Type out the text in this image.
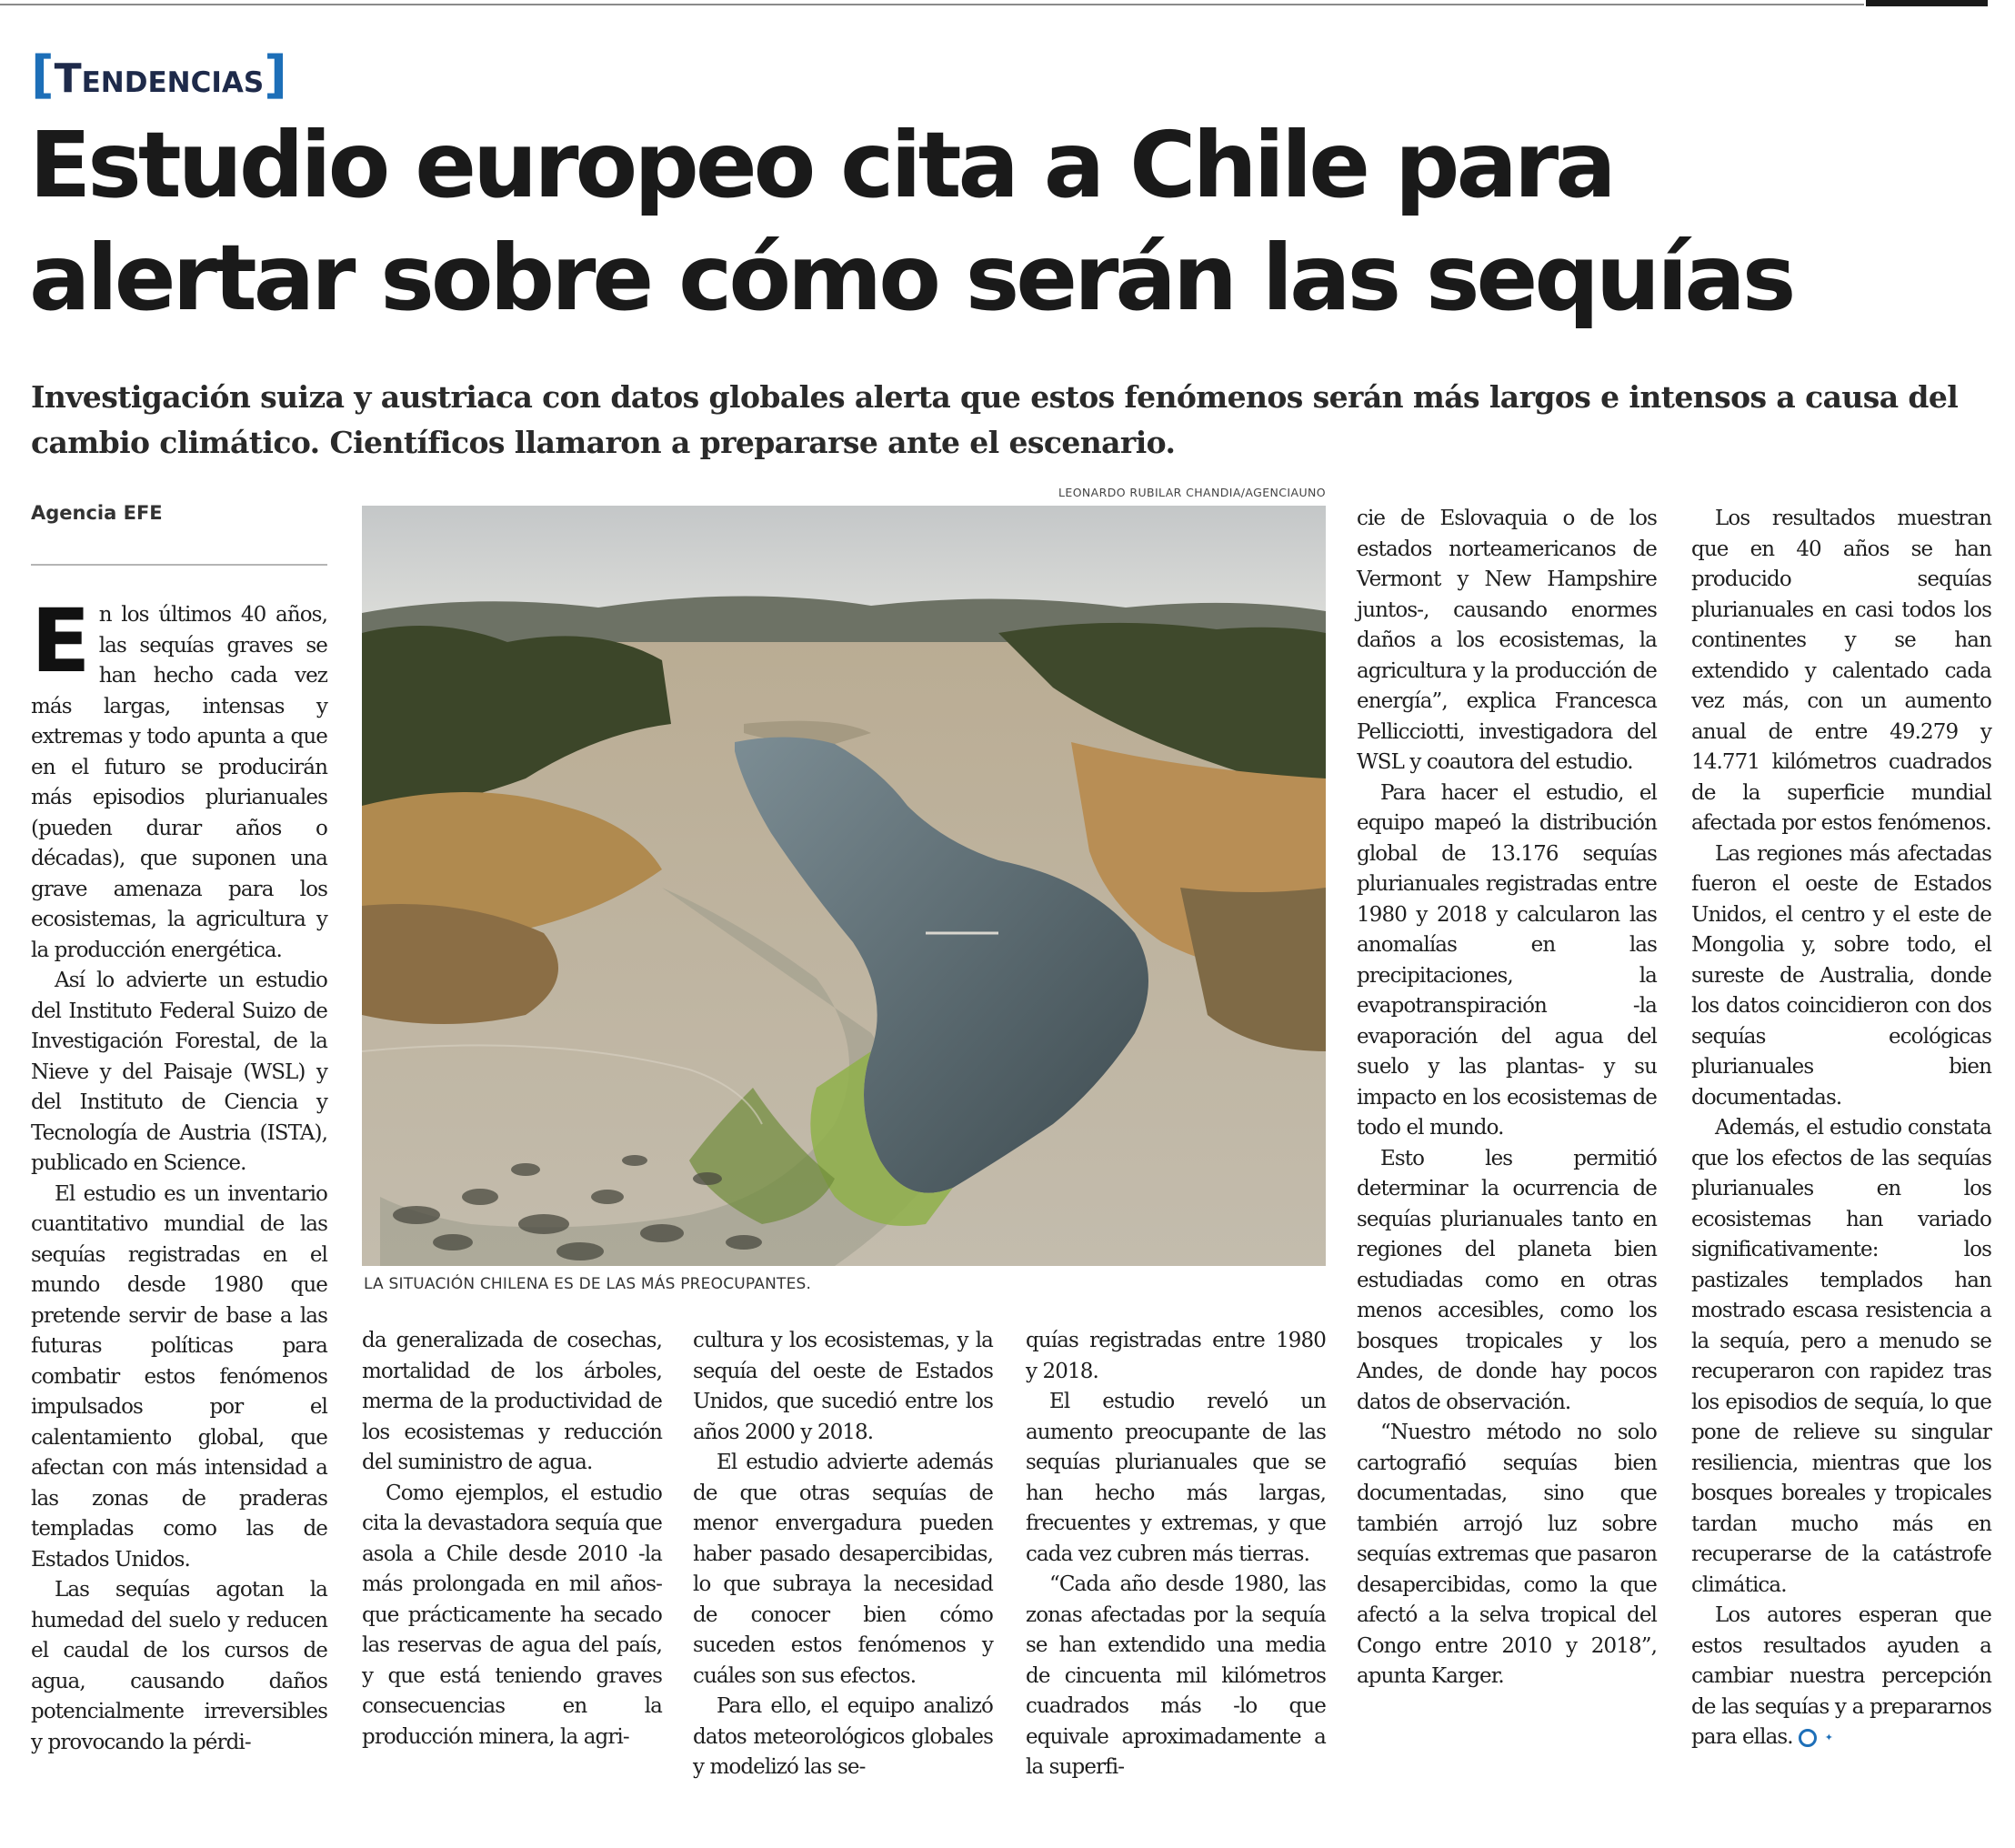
[Tendencias]
Estudio europeo cita a Chile para
alertar sobre cómo serán las sequías
Investigación suiza y austriaca con datos globales alerta que estos fenómenos serán más largos e intensos a causa del cambio climático. Científicos llamaron a prepararse ante el escenario.
Agencia EFE
LEONARDO RUBILAR CHANDIA/AGENCIAUNO
LA SITUACIÓN CHILENA ES DE LAS MÁS PREOCUPANTES.

En los últimos 40 años, las sequías graves se han hecho cada vez más largas, intensas y extremas y todo apunta a que en el futuro se producirán más episodios plurianuales (pueden durar años o décadas), que suponen una grave amenaza para los ecosistemas, la agricultura y la producción energética.

Así lo advierte un estudio del Instituto Federal Suizo de Investigación Forestal, de la Nieve y del Paisaje (WSL) y del Instituto de Ciencia y Tecnología de Austria (ISTA), publicado en Science.

El estudio es un inventario cuantitativo mundial de las sequías registradas en el mundo desde 1980 que pretende servir de base a las futuras políticas para combatir estos fenómenos impulsados por el calentamiento global, que afectan con más intensidad a las zonas de praderas templadas como las de Estados Unidos.

Las sequías agotan la humedad del suelo y reducen el caudal de los cursos de agua, causando daños potencialmente irreversibles y provocando la pérdi-

da generalizada de cosechas, mortalidad de los árboles, merma de la productividad de los ecosistemas y reducción del suministro de agua.

Como ejemplos, el estudio cita la devastadora sequía que asola a Chile desde 2010 -la más prolongada en mil años- que prácticamente ha secado las reservas de agua del país, y que está teniendo graves consecuencias en la producción minera, la agri-

cultura y los ecosistemas, y la sequía del oeste de Estados Unidos, que sucedió entre los años 2000 y 2018.

El estudio advierte además de que otras sequías de menor envergadura pueden haber pasado desapercibidas, lo que subraya la necesidad de conocer bien cómo suceden estos fenómenos y cuáles son sus efectos.

Para ello, el equipo analizó datos meteorológicos globales y modelizó las se-

quías registradas entre 1980 y 2018.

El estudio reveló un aumento preocupante de las sequías plurianuales que se han hecho más largas, frecuentes y extremas, y que cada vez cubren más tierras.

“Cada año desde 1980, las zonas afectadas por la sequía se han extendido una media de cincuenta mil kilómetros cuadrados más -lo que equivale aproximadamente a la superfi-

cie de Eslovaquia o de los estados norteamericanos de Vermont y New Hampshire juntos-, causando enormes daños a los ecosistemas, la agricultura y la producción de energía”, explica Francesca Pellicciotti, investigadora del WSL y coautora del estudio.

Para hacer el estudio, el equipo mapeó la distribución global de 13.176 sequías plurianuales registradas entre 1980 y 2018 y calcularon las anomalías en las precipitaciones, la evapotranspiración -la evaporación del agua del suelo y las plantas- y su impacto en los ecosistemas de todo el mundo.

Esto les permitió determinar la ocurrencia de sequías plurianuales tanto en regiones del planeta bien estudiadas como en otras menos accesibles, como los bosques tropicales y los Andes, de donde hay pocos datos de observación.

“Nuestro método no solo cartografió sequías bien documentadas, sino que también arrojó luz sobre sequías extremas que pasaron desapercibidas, como la que afectó a la selva tropical del Congo entre 2010 y 2018”, apunta Karger.

Los resultados muestran que en 40 años se han producido sequías plurianuales en casi todos los continentes y se han extendido y calentado cada vez más, con un aumento anual de entre 49.279 y 14.771 kilómetros cuadrados de la superficie mundial afectada por estos fenómenos.

Las regiones más afectadas fueron el oeste de Estados Unidos, el centro y el este de Mongolia y, sobre todo, el sureste de Australia, donde los datos coincidieron con dos sequías ecológicas plurianuales bien documentadas.

Además, el estudio constata que los efectos de las sequías plurianuales en los ecosistemas han variado significativamente: los pastizales templados han mostrado escasa resistencia a la sequía, pero a menudo se recuperaron con rapidez tras los episodios de sequía, lo que pone de relieve su singular resiliencia, mientras que los bosques boreales y tropicales tardan mucho más en recuperarse de la catástrofe climática.

Los autores esperan que estos resultados ayuden a cambiar nuestra percepción de las sequías y a prepararnos para ellas.	✦
